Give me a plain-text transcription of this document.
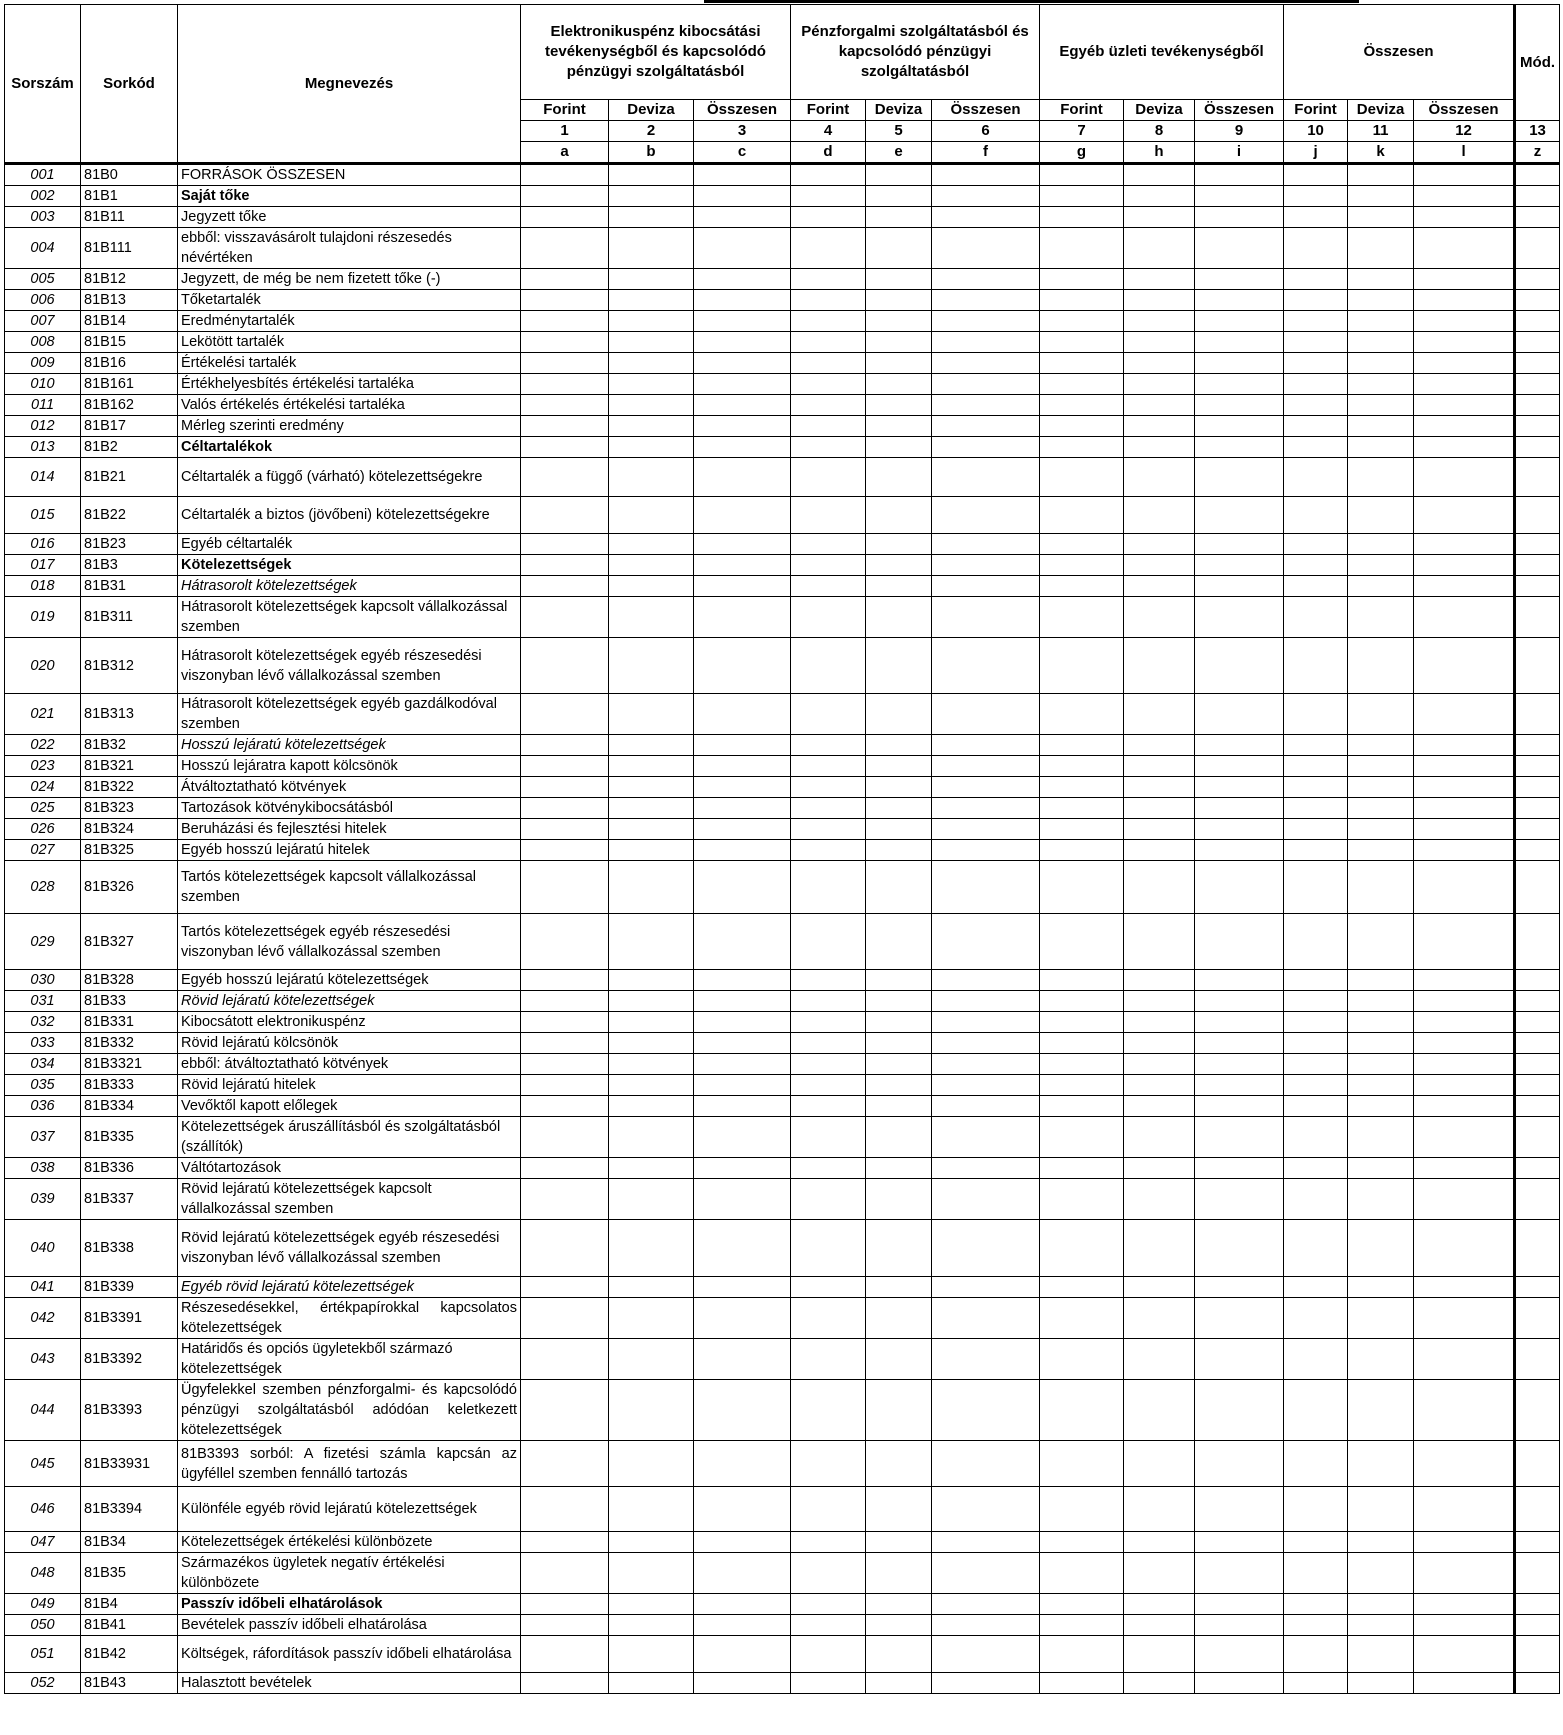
Sorszám	Sorkód	Megnevezés	Elektronikuspénz kibocsátási tevékenységből és kapcsolódó pénzügyi szolgáltatásból			Pénzforgalmi szolgáltatásból és kapcsolódó pénzügyi szolgáltatásból			Egyéb üzleti tevékenységből			Összesen			Mód.
			Forint	Deviza	Összesen	Forint	Deviza	Összesen	Forint	Deviza	Összesen	Forint	Deviza	Összesen	
			1	2	3	4	5	6	7	8	9	10	11	12	13
			a	b	c	d	e	f	g	h	i	j	k	l	z
001	81B0	FORRÁSOK ÖSSZESEN													
002	81B1	Saját tőke													
003	81B11	Jegyzett tőke													
004	81B111	ebből: visszavásárolt tulajdoni részesedés névértéken													
005	81B12	Jegyzett, de még be nem fizetett tőke (-)													
006	81B13	Tőketartalék													
007	81B14	Eredménytartalék													
008	81B15	Lekötött tartalék													
009	81B16	Értékelési tartalék													
010	81B161	Értékhelyesbítés értékelési tartaléka													
011	81B162	Valós értékelés értékelési tartaléka													
012	81B17	Mérleg szerinti eredmény													
013	81B2	Céltartalékok													
014	81B21	Céltartalék a függő (várható) kötelezettségekre													
015	81B22	Céltartalék a biztos (jövőbeni) kötelezettségekre													
016	81B23	Egyéb céltartalék													
017	81B3	Kötelezettségek													
018	81B31	Hátrasorolt kötelezettségek													
019	81B311	Hátrasorolt kötelezettségek kapcsolt vállalkozással szemben													
020	81B312	Hátrasorolt kötelezettségek egyéb részesedési viszonyban lévő vállalkozással szemben													
021	81B313	Hátrasorolt kötelezettségek egyéb gazdálkodóval szemben													
022	81B32	Hosszú lejáratú kötelezettségek													
023	81B321	Hosszú lejáratra kapott kölcsönök													
024	81B322	Átváltoztatható kötvények													
025	81B323	Tartozások kötvénykibocsátásból													
026	81B324	Beruházási és fejlesztési hitelek													
027	81B325	Egyéb hosszú lejáratú hitelek													
028	81B326	Tartós kötelezettségek kapcsolt vállalkozással szemben													
029	81B327	Tartós kötelezettségek egyéb részesedési viszonyban lévő vállalkozással szemben													
030	81B328	Egyéb hosszú lejáratú kötelezettségek													
031	81B33	Rövid lejáratú kötelezettségek													
032	81B331	Kibocsátott elektronikuspénz													
033	81B332	Rövid lejáratú kölcsönök													
034	81B3321	ebből: átváltoztatható kötvények													
035	81B333	Rövid lejáratú hitelek													
036	81B334	Vevőktől kapott előlegek													
037	81B335	Kötelezettségek áruszállításból és szolgáltatásból (szállítók)													
038	81B336	Váltótartozások													
039	81B337	Rövid lejáratú kötelezettségek kapcsolt vállalkozással szemben													
040	81B338	Rövid lejáratú kötelezettségek egyéb részesedési viszonyban lévő vállalkozással szemben													
041	81B339	Egyéb rövid lejáratú kötelezettségek													
042	81B3391	Részesedésekkel, értékpapírokkal kapcsolatos kötelezettségek													
043	81B3392	Határidős és opciós ügyletekből származó kötelezettségek													
044	81B3393	Ügyfelekkel szemben pénzforgalmi- és kapcsolódó pénzügyi szolgáltatásból adódóan keletkezett kötelezettségek													
045	81B33931	81B3393 sorból: A fizetési számla kapcsán az ügyféllel szemben fennálló tartozás													
046	81B3394	Különféle egyéb rövid lejáratú kötelezettségek													
047	81B34	Kötelezettségek értékelési különbözete													
048	81B35	Származékos ügyletek negatív értékelési különbözete													
049	81B4	Passzív időbeli elhatárolások													
050	81B41	Bevételek passzív időbeli elhatárolása													
051	81B42	Költségek, ráfordítások passzív időbeli elhatárolása													
052	81B43	Halasztott bevételek													
